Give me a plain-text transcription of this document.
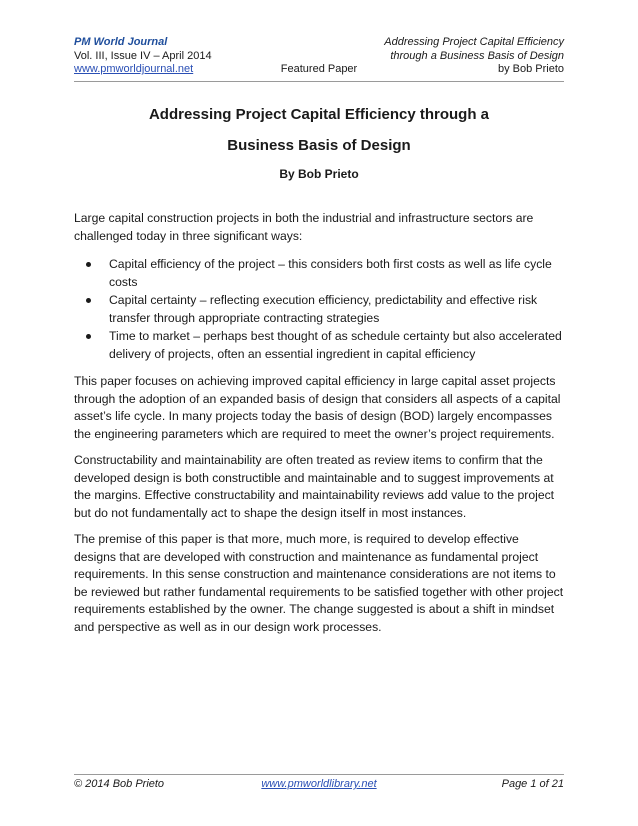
PM World Journal
Vol. III, Issue IV – April 2014
www.pmworldjournal.net	Featured Paper
Addressing Project Capital Efficiency
through a Business Basis of Design
by Bob Prieto
Addressing Project Capital Efficiency through a
Business Basis of Design
By Bob Prieto

Large capital construction projects in both the industrial and infrastructure sectors are challenged today in three significant ways:

Capital efficiency of the project – this considers both first costs as well as life cycle costs
Capital certainty – reflecting execution efficiency, predictability and effective risk transfer through appropriate contracting strategies
Time to market – perhaps best thought of as schedule certainty but also accelerated delivery of projects, often an essential ingredient in capital efficiency

This paper focuses on achieving improved capital efficiency in large capital asset projects through the adoption of an expanded basis of design that considers all aspects of a capital asset’s life cycle. In many projects today the basis of design (BOD) largely encompasses the engineering parameters which are required to meet the owner’s project requirements.

Constructability and maintainability are often treated as review items to confirm that the developed design is both constructible and maintainable and to suggest improvements at the margins. Effective constructability and maintainability reviews add value to the project but do not fundamentally act to shape the design itself in most instances.

The premise of this paper is that more, much more, is required to develop effective designs that are developed with construction and maintenance as fundamental project requirements. In this sense construction and maintenance considerations are not items to be reviewed but rather fundamental requirements to be satisfied together with other project requirements established by the owner. The change suggested is about a shift in mindset and perspective as well as in our design work processes.

© 2014 Bob Prieto	www.pmworldlibrary.net	Page 1 of 21
